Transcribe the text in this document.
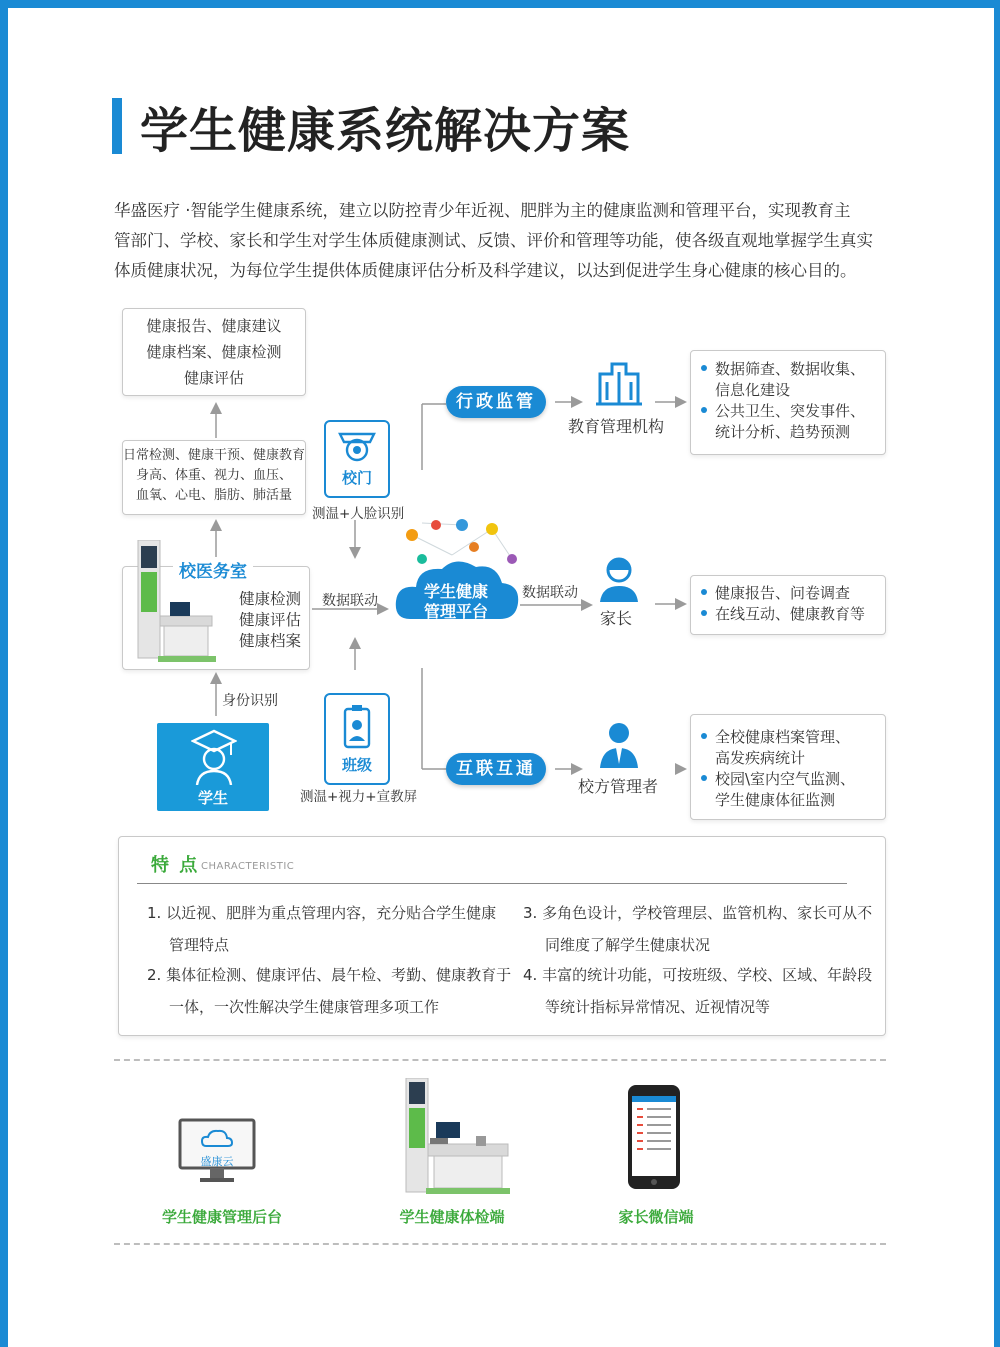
学生健康系统解决方案

华盛医疗 ·智能学生健康系统，建立以防控青少年近视、肥胖为主的健康监测和管理平台，实现教育主

管部门、学校、家长和学生对学生体质健康测试、反馈、评价和管理等功能，使各级直观地掌握学生真实

体质健康状况，为每位学生提供体质健康评估分析及科学建议，以达到促进学生身心健康的核心目的。

健康报告、健康建议
健康档案、健康检测
健康评估
日常检测、健康干预、健康教育
身高、体重、视力、血压、
血氧、心电、脂肪、肺活量
校医务室
健康检测
健康评估
健康档案
身份识别
学生
校门
测温+人脸识别
班级
测温+视力+宣教屏
数据联动	数据联动
学生健康
管理平台
行政监管
互联互通
教育管理机构
家长
校方管理者
数据筛查、数据收集、
信息化建设
公共卫生、突发事件、
统计分析、趋势预测
健康报告、问卷调查
在线互动、健康教育等
全校健康档案管理、
高发疾病统计
校园\室内空气监测、
学生健康体征监测
特 点 CHARACTERISTIC
1. 以近视、肥胖为重点管理内容，充分贴合学生健康
管理特点
2. 集体征检测、健康评估、晨午检、考勤、健康教育于
一体，一次性解决学生健康管理多项工作
3. 多角色设计，学校管理层、监管机构、家长可从不
同维度了解学生健康状况
4. 丰富的统计功能，可按班级、学校、区域、年龄段
等统计指标异常情况、近视情况等
盛康云
学生健康管理后台	学生健康体检端	家长微信端
